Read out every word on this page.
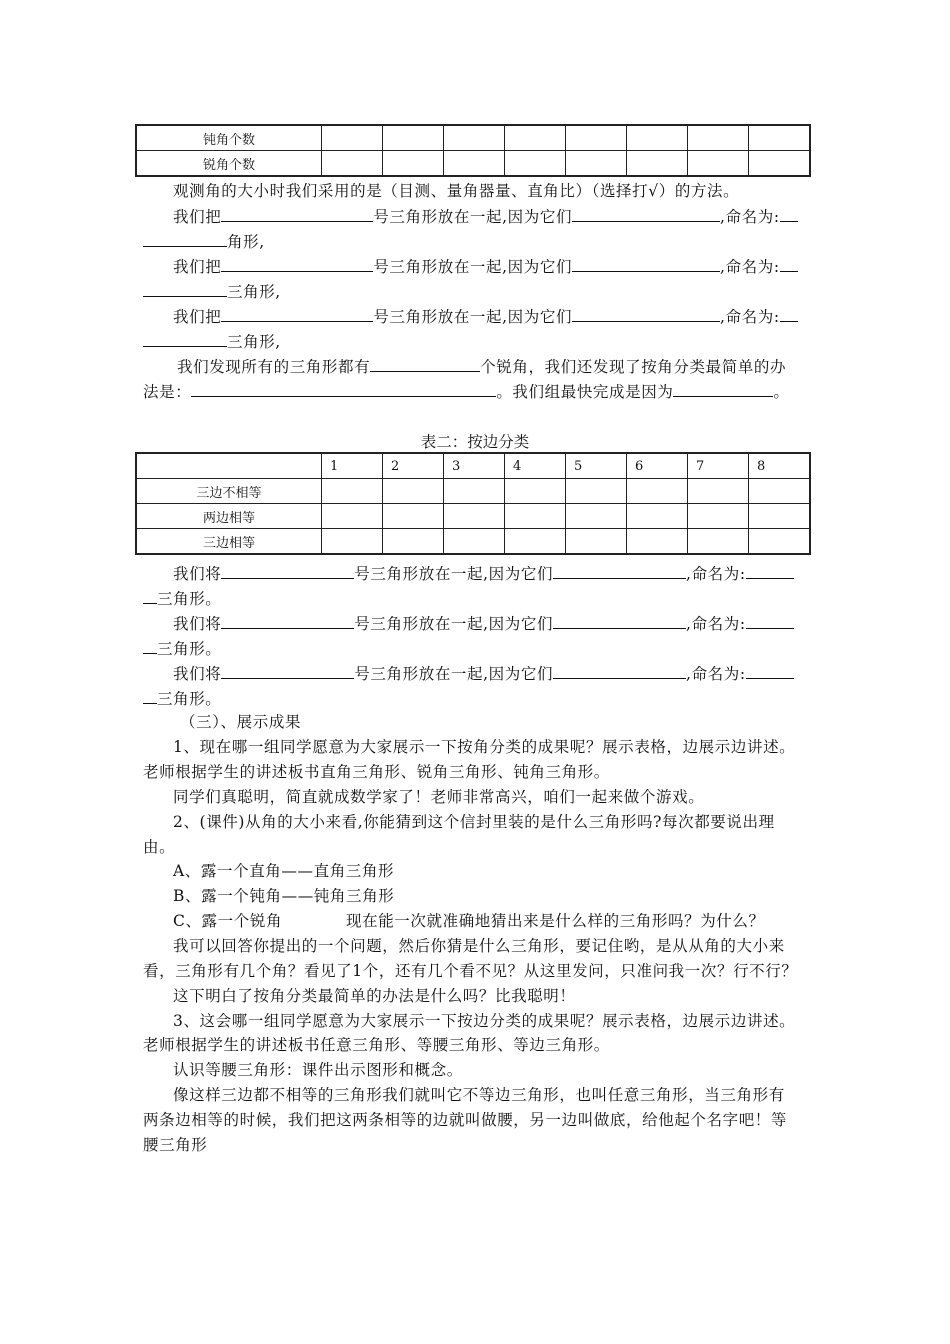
钝角个数								
锐角个数								
观测角的大小时我们采用的是（目测、量角器量、直角比）（选择打√）的方法。
我们把	号三角形放在一起,因为它们	,命名为:
角形,
我们把	号三角形放在一起,因为它们	,命名为:
三角形,
我们把	号三角形放在一起,因为它们	,命名为:
三角形,
我们发现所有的三角形都有	个锐角，我们还发现了按角分类最简单的办
法是：	。我们组最快完成是因为	。
表二：按边分类
	1	2	3	4	5	6	7	8
三边不相等								
两边相等								
三边相等								
我们将	号三角形放在一起,因为它们	,命名为:
三角形。
我们将	号三角形放在一起,因为它们	,命名为:
三角形。
我们将	号三角形放在一起,因为它们	,命名为:
三角形。
（三）、展示成果
1、现在哪一组同学愿意为大家展示一下按角分类的成果呢？展示表格，边展示边讲述。
老师根据学生的讲述板书直角三角形、锐角三角形、钝角三角形。
同学们真聪明，简直就成数学家了！老师非常高兴，咱们一起来做个游戏。
2、(课件)从角的大小来看,你能猜到这个信封里装的是什么三角形吗?每次都要说出理
由。
A、露一个直角——直角三角形
B、露一个钝角——钝角三角形
C、露一个锐角	现在能一次就准确地猜出来是什么样的三角形吗？为什么？
我可以回答你提出的一个问题，然后你猜是什么三角形，要记住哟，是从从角的大小来
看，三角形有几个角？看见了1个，还有几个看不见？从这里发问，只准问我一次？行不行？
这下明白了按角分类最简单的办法是什么吗？比我聪明！
3、这会哪一组同学愿意为大家展示一下按边分类的成果呢？展示表格，边展示边讲述。
老师根据学生的讲述板书任意三角形、等腰三角形、等边三角形。
认识等腰三角形：课件出示图形和概念。
像这样三边都不相等的三角形我们就叫它不等边三角形，也叫任意三角形，当三角形有
两条边相等的时候，我们把这两条相等的边就叫做腰，另一边叫做底，给他起个名字吧！等
腰三角形
